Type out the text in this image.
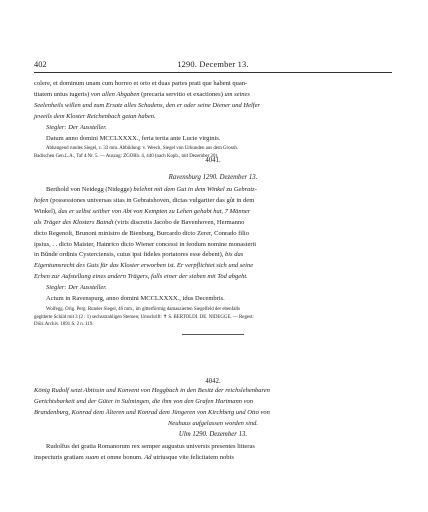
402	1290. December 13.
colere, et dominum unam cum horreo et orto et duas partes prati que habent quan-
titatem unius iugeris) von allen Abgaben (precaria servitio et exactiones) um seines
Seelenheils willen und zum Ersatz alles Schadens, den er oder seine Diener und Helfer
jeweils dem Kloster Reichenbach getan haben.

Siegler: Der Aussteller.

Datum anno domini MCCLXXXX., feria tertia ante Lucie virginis.

Abhangend rundes Siegel, c. 33 mm. Abbildung: v. Weech, Siegel von Urkunden aus dem Grossh.
Badischen Gen.L.A., Taf 4 Nr. 5. — Auszug: ZGORh. 4, 440 (nach Kopb., mit Dezember 20).
4041.
Ravensburg 1290. Dezember 13.
Berthold von Neidegg (Nidegge) belehnt mit dem Gut in dem Winkel zu Gebratz-
hofen (possessiones universas sitas in Gebratshoven, dictas vulgariter das gůt in dem
Winkel), das er selbst seither von Abt von Kempten zu Lehen gehabt hat, 7 Männer
als Träger des Klosters Baindt (viris discretis Jacobo de Bavenhoven, Hermanno
dicto Regenolt, Brunoni ministro de Bienburg, Burcardo dicto Zerer, Conrado filio
ipsius, . . dicto Maister, Hainrico dicto Wiener concessi in feodum nomine monasterii
in Bŭnde ordinis Cysterciensis, cuius ipsi fideles portatores esse debent), bis das
Eigentumsrecht des Guts für das Kloster erworben ist. Er verpflichtet sich und seine
Erben zur Aufstellung eines andern Trägers, falls einer der sieben mit Tod abgeht.

Siegler: Der Aussteller.

Actum in Ravenspurg, anno domini MCCLXXXX., idus Decembris.

Wolfegg. Orig. Perg. Runder Siegel, 46 mm., im gitterförmig damaszierten Siegelfeld der ebenfalls
gegitterte Schild mit 3 (2 : 1) sechsstrahligen Sternen; Umschrift: ✝ S. BERTOLDI. DE. NIDEGGE. — Regest:
Diöz.Archiv. 1891 S. 2 n. 119.
4042.
König Rudolf setzt Abtissin und Konvent von Heggbach in den Besitz der reichslehenbaren
Gerichtsbarkeit und der Güter in Sulmingen, die ihm von den Grafen Hartmann von
Brandenburg, Konrad dem Älteren und Konrad dem Jüngeren von Kirchberg und Otto von
Neuhaus aufgelassen worden sind.
Ulm 1290. Dezember 13.
Rudolfus dei gratia Romanorum rex semper augustus universis presentes litteras
inspecturis gratiam suam et omne bonum. Ad utriusque vite felicitatem nobis
